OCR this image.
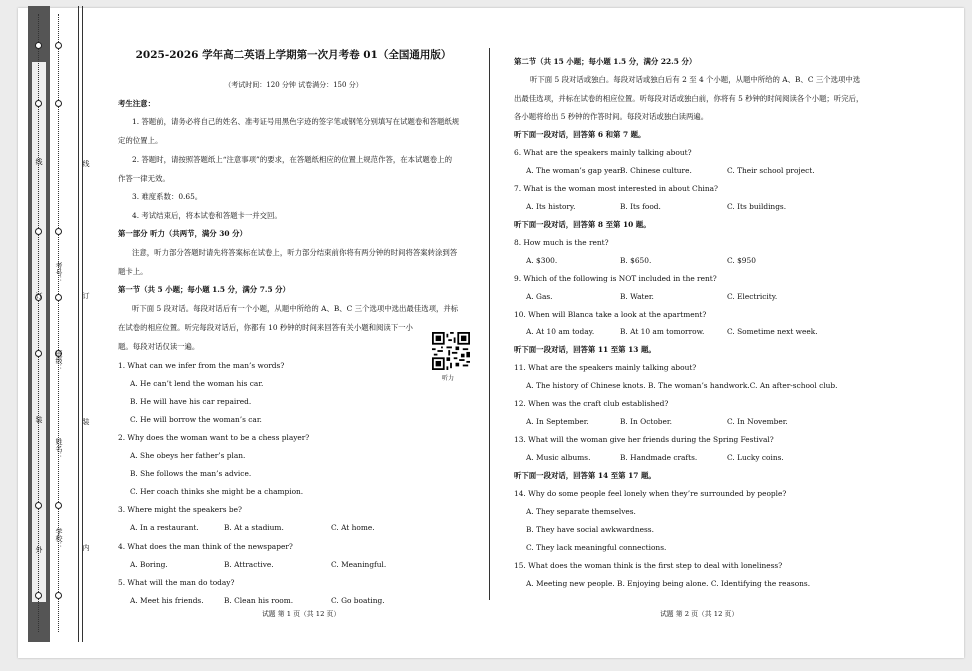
线
订
装
外
线
订
装
内
考号：
班级：
姓名：
学校：
2025-2026 学年高二英语上学期第一次月考卷 01（全国通用版）
（考试时间：120 分钟 试卷满分：150 分）
考生注意：
1. 答题前，请务必将自己的姓名、准考证号用黑色字迹的签字笔或钢笔分别填写在试题卷和答题纸规
定的位置上。
2. 答题时，请按照答题纸上“注意事项”的要求，在答题纸相应的位置上规范作答，在本试题卷上的
作答一律无效。
3. 难度系数：0.65。
4. 考试结束后，将本试卷和答题卡一并交回。
第一部分 听力（共两节，满分 30 分）
注意，听力部分答题时请先将答案标在试卷上，听力部分结束前你将有两分钟的时间将答案转涂到答
题卡上。
第一节（共 5 小题；每小题 1.5 分，满分 7.5 分）
听下面 5 段对话。每段对话后有一个小题，从题中所给的 A、B、C 三个选项中选出最佳选项，并标
在试卷的相应位置。听完每段对话后，你都有 10 秒钟的时间来回答有关小题和阅读下一小
题。每段对话仅读一遍。
听力
1. What can we infer from the man’s words?
A. He can’t lend the woman his car.
B. He will have his car repaired.
C. He will borrow the woman’s car.
2. Why does the woman want to be a chess player?
A. She obeys her father’s plan.
B. She follows the man’s advice.
C. Her coach thinks she might be a champion.
3. Where might the speakers be?
A. In a restaurant.	B. At a stadium.	C. At home.
4. What does the man think of the newspaper?
A. Boring.	B. Attractive.	C. Meaningful.
5. What will the man do today?
A. Meet his friends.	B. Clean his room.	C. Go boating.
第二节（共 15 小题；每小题 1.5 分，满分 22.5 分）
听下面 5 段对话或独白。每段对话或独白后有 2 至 4 个小题，从题中所给的 A、B、C 三个选项中选
出最佳选项，并标在试卷的相应位置。听每段对话或独白前，你将有 5 秒钟的时间阅读各个小题；听完后，
各小题将给出 5 秒钟的作答时间。每段对话或独白读两遍。
听下面一段对话，回答第 6 和第 7 题。
6. What are the speakers mainly talking about?
A. The woman’s gap year.
B. Chinese culture.	C. Their school project.
7. What is the woman most interested in about China?
A. Its history.	B. Its food.	C. Its buildings.
听下面一段对话，回答第 8 至第 10 题。
8. How much is the rent?
A. $300.	B. $650.	C. $950
9. Which of the following is NOT included in the rent?
A. Gas.	B. Water.	C. Electricity.
10. When will Blanca take a look at the apartment?
A. At 10 am today.	B. At 10 am tomorrow.	C. Sometime next week.
听下面一段对话，回答第 11 至第 13 题。
11. What are the speakers mainly talking about?
A. The history of Chinese knots. B. The woman’s handwork.C. An after-school club.
12. When was the craft club established?
A. In September.	B. In October.	C. In November.
13. What will the woman give her friends during the Spring Festival?
A. Music albums.	B. Handmade crafts.	C. Lucky coins.
听下面一段对话，回答第 14 至第 17 题。
14. Why do some people feel lonely when they’re surrounded by people?
A. They separate themselves.
B. They have social awkwardness.
C. They lack meaningful connections.
15. What does the woman think is the first step to deal with loneliness?
A. Meeting new people. B. Enjoying being alone. C. Identifying the reasons.
试题 第 1 页（共 12 页）	试题 第 2 页（共 12 页）
